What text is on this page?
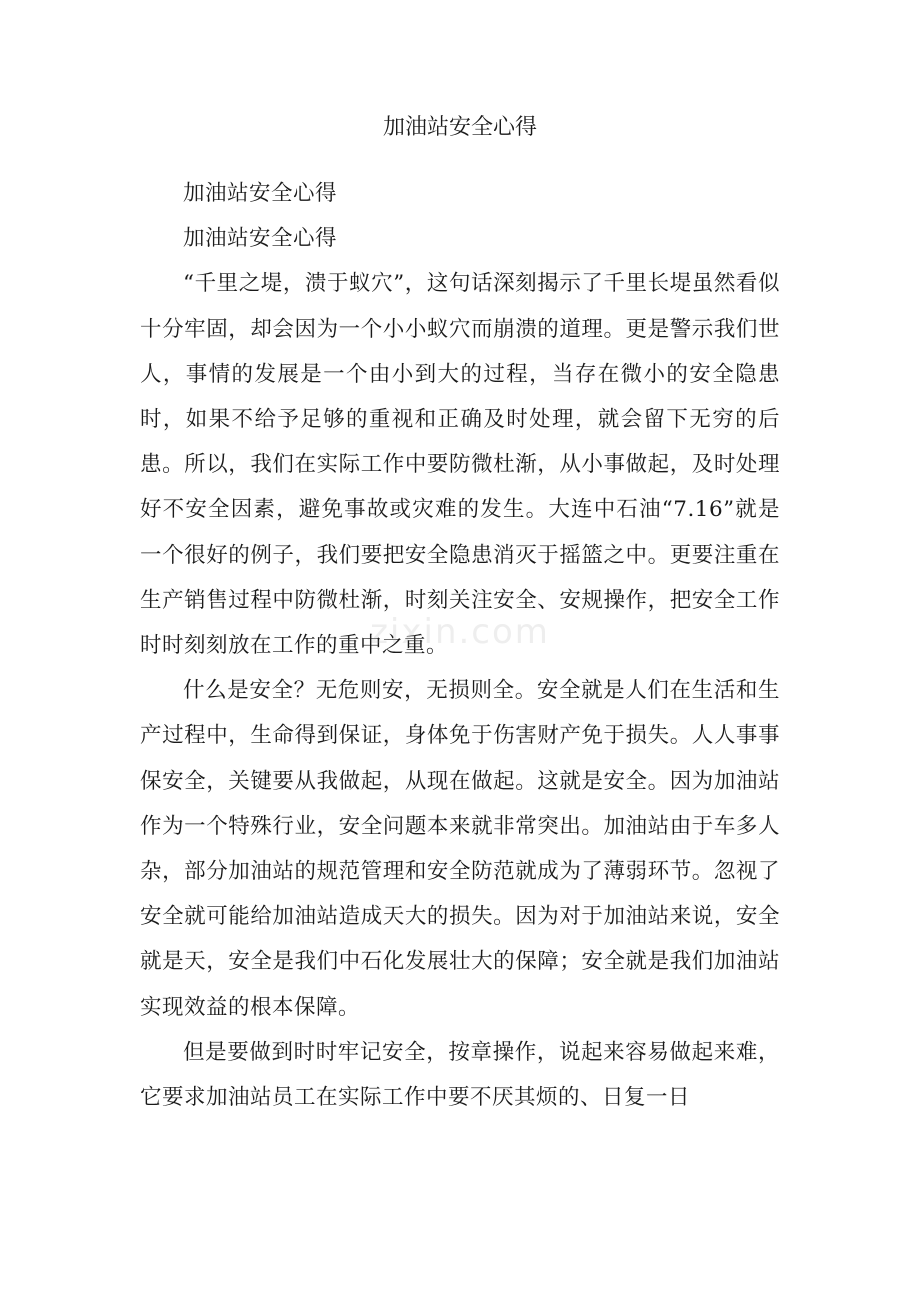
加油站安全心得

加油站安全心得

加油站安全心得

“千里之堤，溃于蚁穴”，这句话深刻揭示了千里长堤虽然看似十分牢固，却会因为一个小小蚁穴而崩溃的道理。更是警示我们世人，事情的发展是一个由小到大的过程，当存在微小的安全隐患时，如果不给予足够的重视和正确及时处理，就会留下无穷的后患。所以，我们在实际工作中要防微杜渐，从小事做起，及时处理好不安全因素，避免事故或灾难的发生。大连中石油“7.16”就是一个很好的例子，我们要把安全隐患消灭于摇篮之中。更要注重在生产销售过程中防微杜渐，时刻关注安全、安规操作，把安全工作时时刻刻放在工作的重中之重。

什么是安全？无危则安，无损则全。安全就是人们在生活和生产过程中，生命得到保证，身体免于伤害财产免于损失。人人事事保安全，关键要从我做起，从现在做起。这就是安全。因为加油站作为一个特殊行业，安全问题本来就非常突出。加油站由于车多人杂，部分加油站的规范管理和安全防范就成为了薄弱环节。忽视了安全就可能给加油站造成天大的损失。因为对于加油站来说，安全就是天，安全是我们中石化发展壮大的保障；安全就是我们加油站实现效益的根本保障。

但是要做到时时牢记安全，按章操作，说起来容易做起来难，它要求加油站员工在实际工作中要不厌其烦的、日复一日

zixin.com
